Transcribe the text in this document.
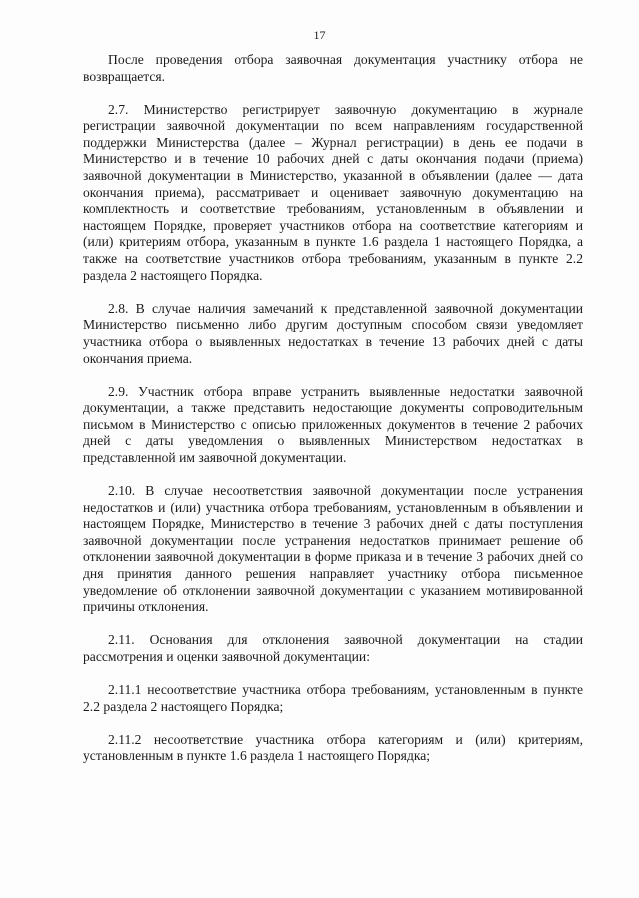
17

После проведения отбора заявочная документация участнику отбора не возвращается.

2.7. Министерство регистрирует заявочную документацию в журнале регистрации заявочной документации по всем направлениям государственной поддержки Министерства (далее – Журнал регистрации) в день ее подачи в Министерство и в течение 10 рабочих дней с даты окончания подачи (приема) заявочной документации в Министерство, указанной в объявлении (далее — дата окончания приема), рассматривает и оценивает заявочную документацию на комплектность и соответствие требованиям, установленным в объявлении и настоящем Порядке, проверяет участников отбора на соответствие категориям и (или) критериям отбора, указанным в пункте 1.6 раздела 1 настоящего Порядка, а также на соответствие участников отбора требованиям, указанным в пункте 2.2 раздела 2 настоящего Порядка.

2.8. В случае наличия замечаний к представленной заявочной документации Министерство письменно либо другим доступным способом связи уведомляет участника отбора о выявленных недостатках в течение 13 рабочих дней с даты окончания приема.

2.9. Участник отбора вправе устранить выявленные недостатки заявочной документации, а также представить недостающие документы сопроводительным письмом в Министерство с описью приложенных документов в течение 2 рабочих дней с даты уведомления о выявленных Министерством недостатках в представленной им заявочной документации.

2.10. В случае несоответствия заявочной документации после устранения недостатков и (или) участника отбора требованиям, установленным в объявлении и настоящем Порядке, Министерство в течение 3 рабочих дней с даты поступления заявочной документации после устранения недостатков принимает решение об отклонении заявочной документации в форме приказа и в течение 3 рабочих дней со дня принятия данного решения направляет участнику отбора письменное уведомление об отклонении заявочной документации с указанием мотивированной причины отклонения.

2.11. Основания для отклонения заявочной документации на стадии рассмотрения и оценки заявочной документации:

2.11.1 несоответствие участника отбора требованиям, установленным в пункте 2.2 раздела 2 настоящего Порядка;

2.11.2 несоответствие участника отбора категориям и (или) критериям, установленным в пункте 1.6 раздела 1 настоящего Порядка;
